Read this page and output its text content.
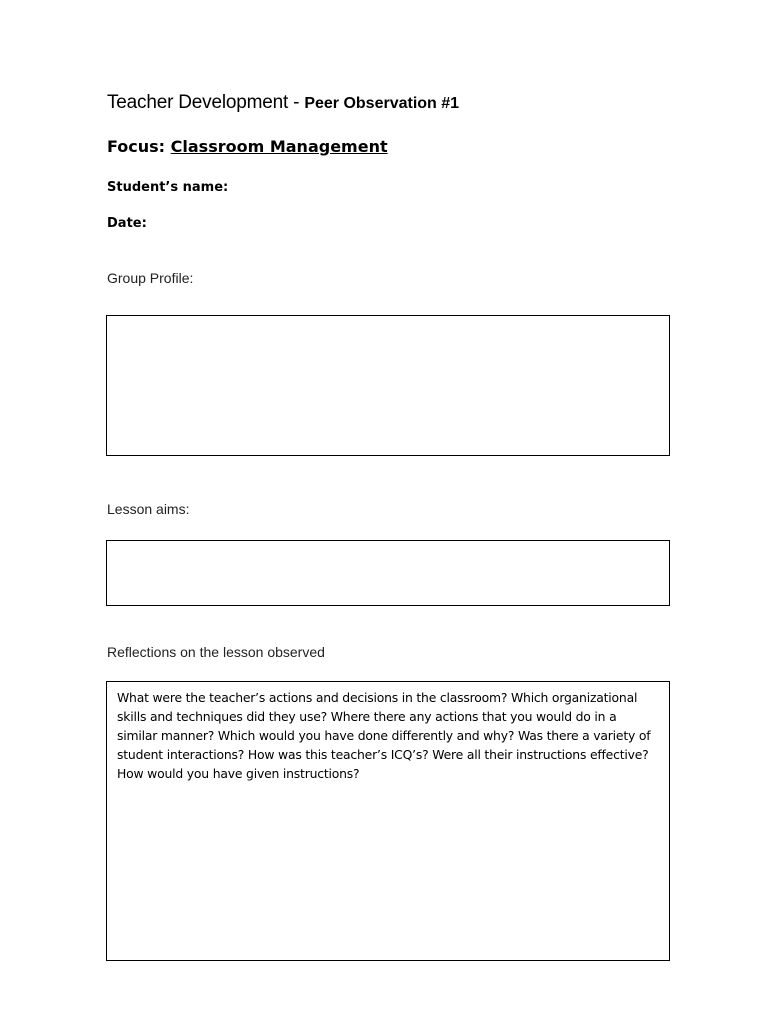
Teacher Development - Peer Observation #1
Focus: Classroom Management
Student’s name:
Date:
Group Profile:
Lesson aims:
Reflections on the lesson observed

What were the teacher’s actions and decisions in the classroom? Which organizational
skills and techniques did they use? Where there any actions that you would do in a
similar manner? Which would you have done differently and why? Was there a variety of
student interactions? How was this teacher’s ICQ’s? Were all their instructions effective?
How would you have given instructions?
